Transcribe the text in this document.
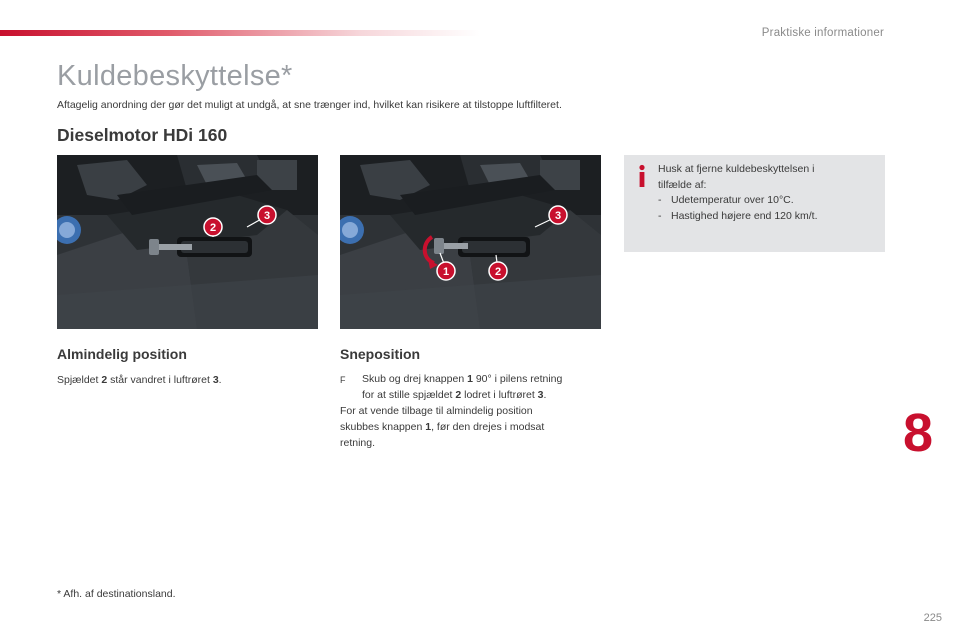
Praktiske informationer
Kuldebeskyttelse*
Aftagelig anordning der gør det muligt at undgå, at sne trænger ind, hvilket kan risikere at tilstoppe luftfilteret.
Dieselmotor HDi 160
2
3
1	2
3
Husk at fjerne kuldebeskyttelsen i
tilfælde af:
- Udetemperatur over 10°C.
- Hastighed højere end 120 km/t.
Almindelig position

Spjældet 2 står vandret i luftrøret 3.

Sneposition
F	Skub og drej knappen 1 90° i pilens retning
for at stille spjældet 2 lodret i luftrøret 3.
For at vende tilbage til almindelig position
skubbes knappen 1, før den drejes i modsat
retning.	8
* Afh. af destinationsland.
225
